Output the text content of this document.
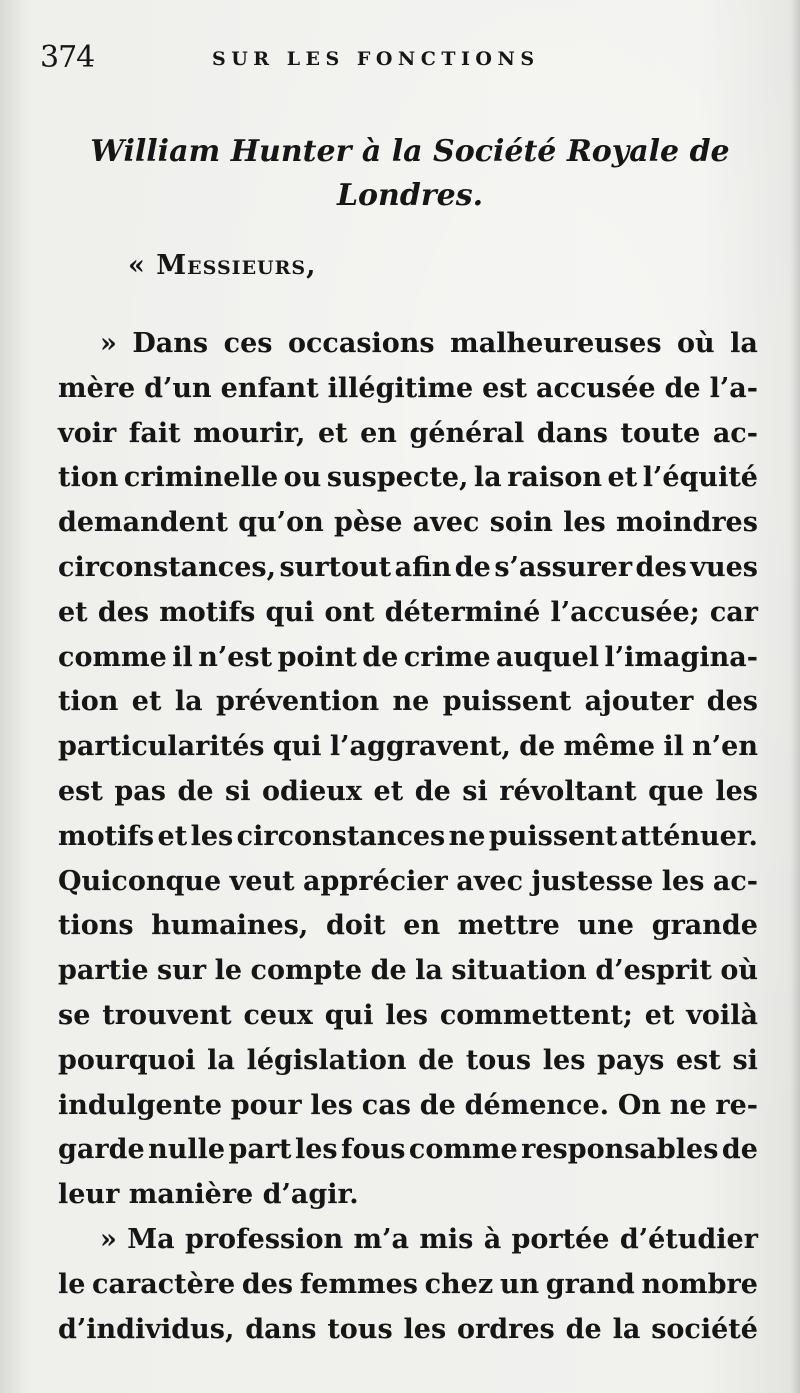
374	SUR LES FONCTIONS
William Hunter à la Société Royale de
Londres.
« Messieurs,
» Dans ces occasions malheureuses où la
mère d’un enfant illégitime est accusée de l’a-
voir fait mourir, et en général dans toute ac-
tion criminelle ou suspecte, la raison et l’équité
demandent qu’on pèse avec soin les moindres
circonstances, surtout afin de s’assurer des vues
et des motifs qui ont déterminé l’accusée; car
comme il n’est point de crime auquel l’imagina-
tion et la prévention ne puissent ajouter des
particularités qui l’aggravent, de même il n’en
est pas de si odieux et de si révoltant que les
motifs et les circonstances ne puissent atténuer.
Quiconque veut apprécier avec justesse les ac-
tions humaines, doit en mettre une grande
partie sur le compte de la situation d’esprit où
se trouvent ceux qui les commettent; et voilà
pourquoi la législation de tous les pays est si
indulgente pour les cas de démence. On ne re-
garde nulle part les fous comme responsables de
leur manière d’agir.
» Ma profession m’a mis à portée d’étudier
le caractère des femmes chez un grand nombre
d’individus, dans tous les ordres de la société
